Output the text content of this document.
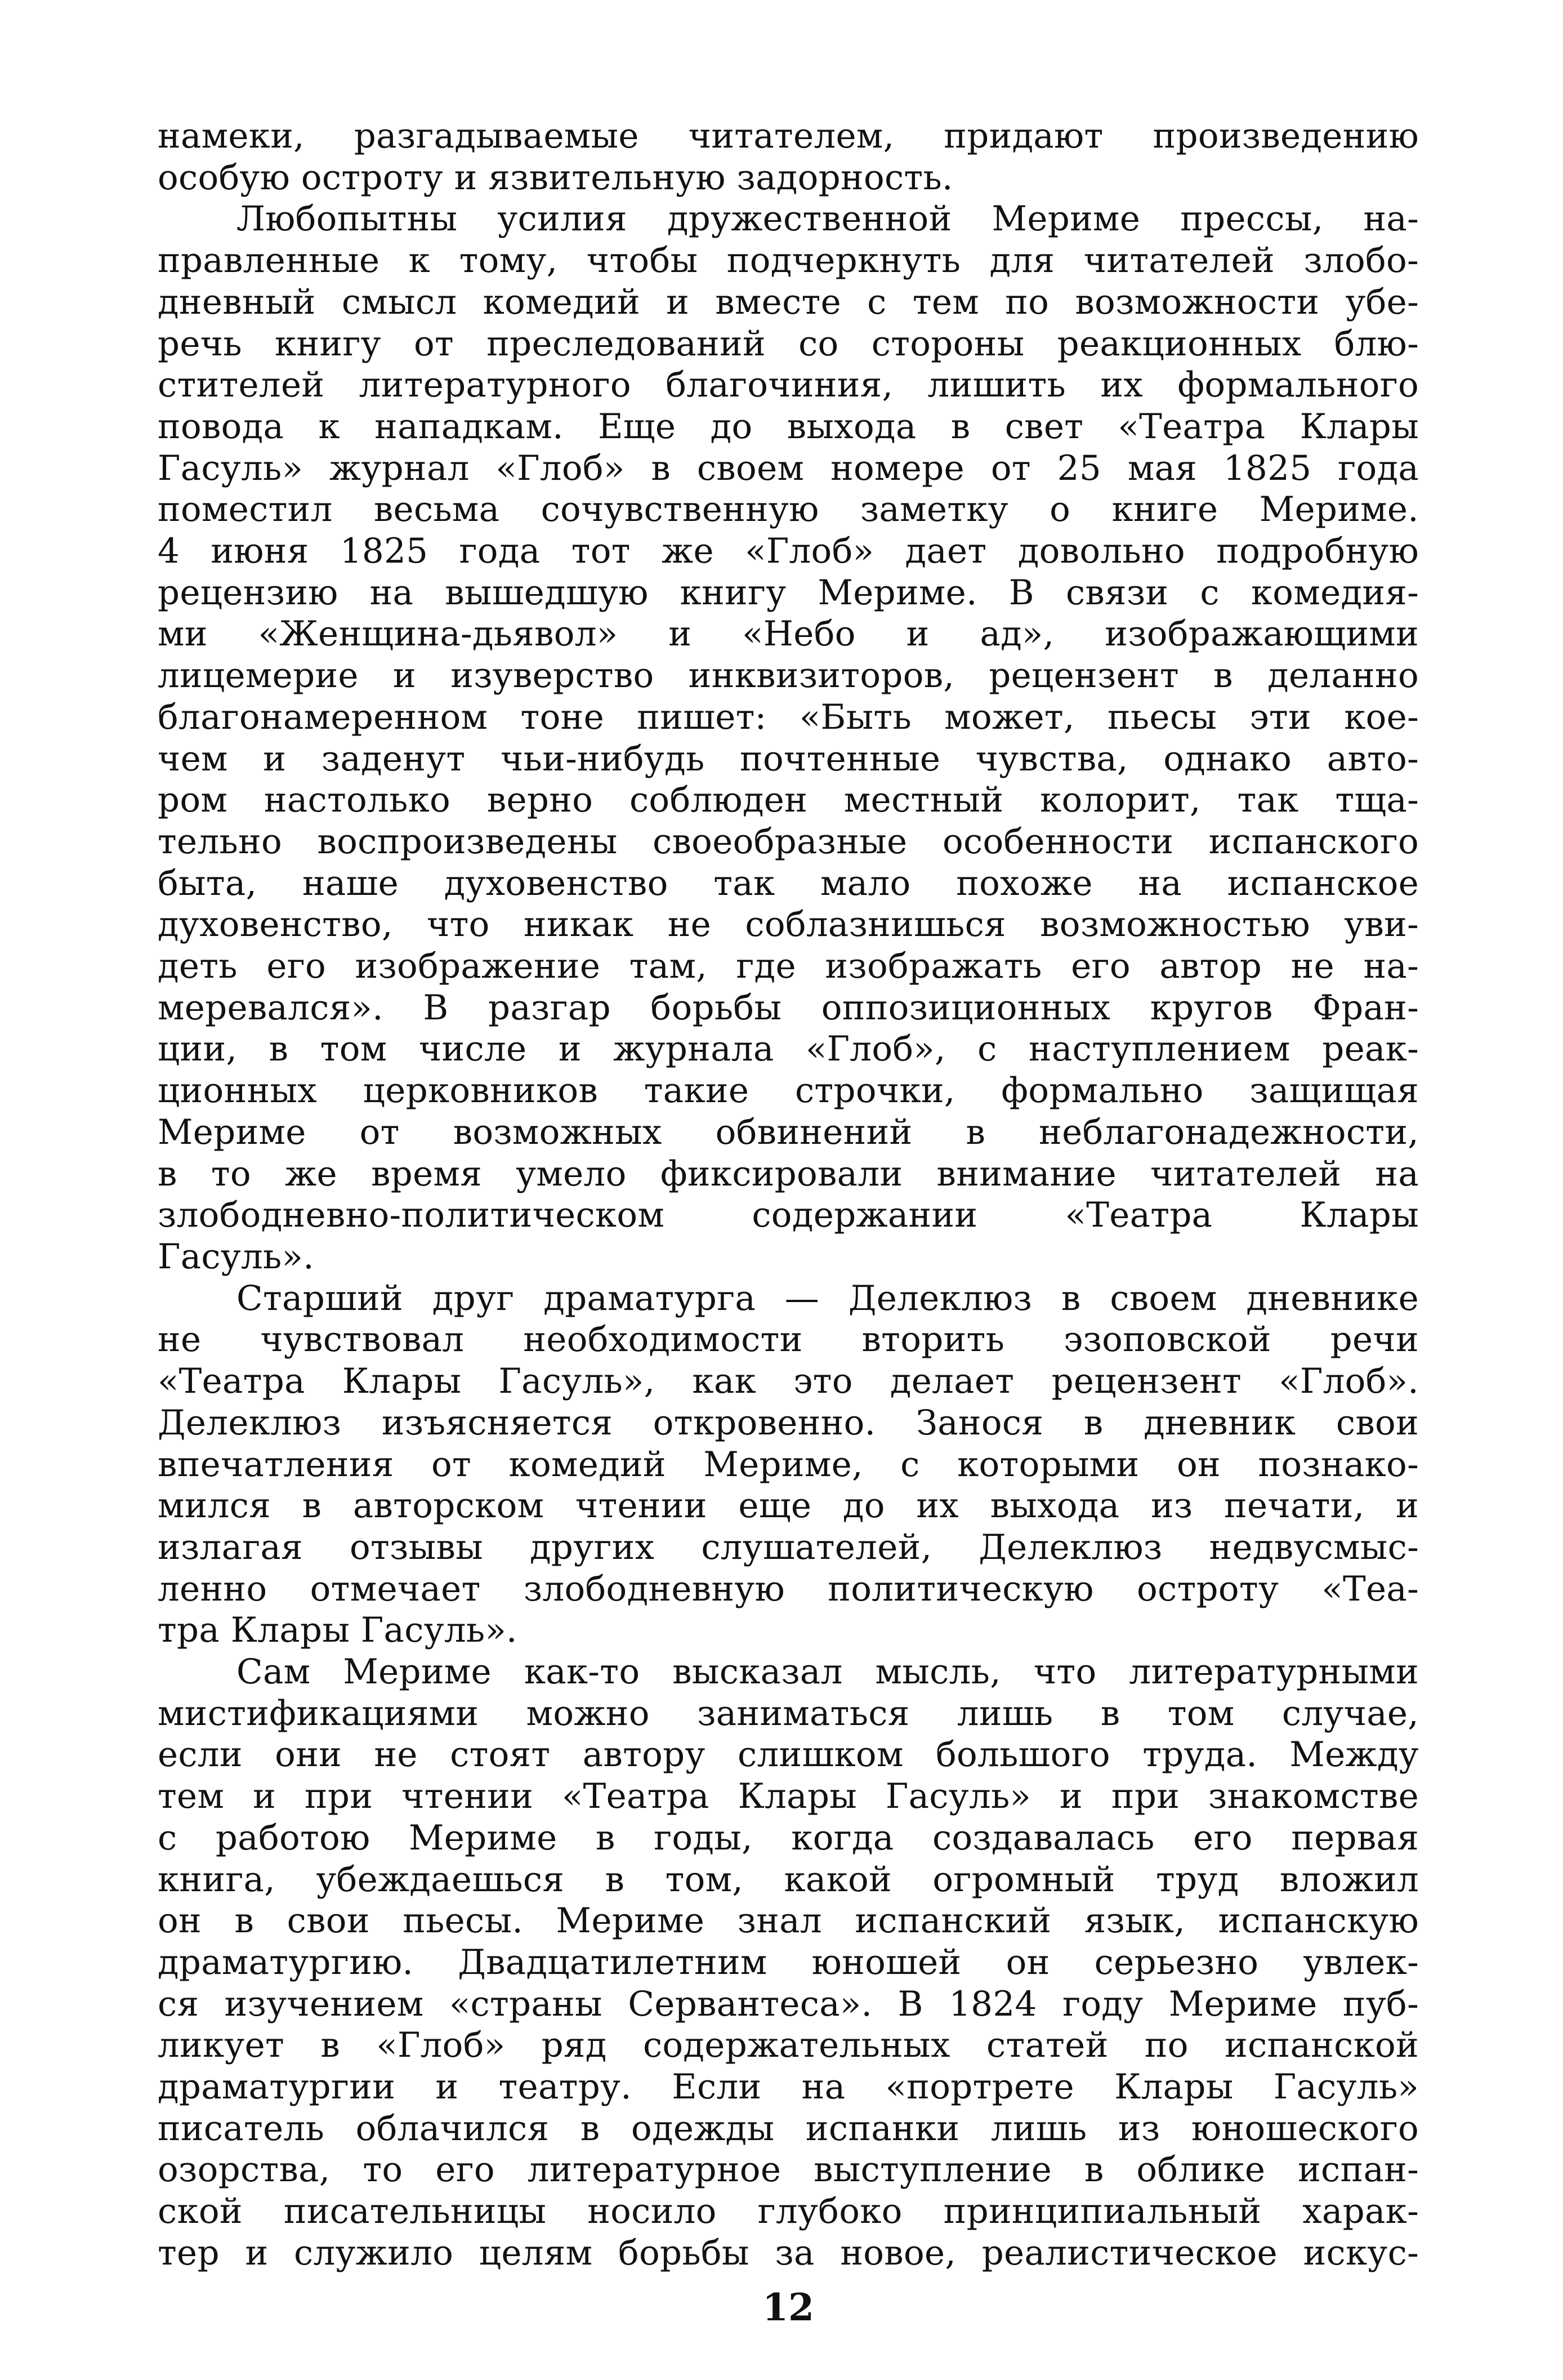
намеки, разгадываемые читателем, придают произведению
особую остроту и язвительную задорность.

Любопытны усилия дружественной Мериме прессы, на-
правленные к тому, чтобы подчеркнуть для читателей злобо-
дневный смысл комедий и вместе с тем по возможности убе-
речь книгу от преследований со стороны реакционных блю-
стителей литературного благочиния, лишить их формального
повода к нападкам. Еще до выхода в свет «Театра Клары
Гасуль» журнал «Глоб» в своем номере от 25 мая 1825 года
поместил весьма сочувственную заметку о книге Мериме.
4 июня 1825 года тот же «Глоб» дает довольно подробную
рецензию на вышедшую книгу Мериме. В связи с комедия-
ми «Женщина-дьявол» и «Небо и ад», изображающими
лицемерие и изуверство инквизиторов, рецензент в деланно
благонамеренном тоне пишет: «Быть может, пьесы эти кое-
чем и заденут чьи-нибудь почтенные чувства, однако авто-
ром настолько верно соблюден местный колорит, так тща-
тельно воспроизведены своеобразные особенности испанского
быта, наше духовенство так мало похоже на испанское
духовенство, что никак не соблазнишься возможностью уви-
деть его изображение там, где изображать его автор не на-
меревался». В разгар борьбы оппозиционных кругов Фран-
ции, в том числе и журнала «Глоб», с наступлением реак-
ционных церковников такие строчки, формально защищая
Мериме от возможных обвинений в неблагонадежности,
в то же время умело фиксировали внимание читателей на
злободневно-политическом содержании «Театра Клары
Гасуль».

Старший друг драматурга — Делеклюз в своем дневнике
не чувствовал необходимости вторить эзоповской речи
«Театра Клары Гасуль», как это делает рецензент «Глоб».
Делеклюз изъясняется откровенно. Занося в дневник свои
впечатления от комедий Мериме, с которыми он познако-
мился в авторском чтении еще до их выхода из печати, и
излагая отзывы других слушателей, Делеклюз недвусмыс-
ленно отмечает злободневную политическую остроту «Теа-
тра Клары Гасуль».

Сам Мериме как-то высказал мысль, что литературными
мистификациями можно заниматься лишь в том случае,
если они не стоят автору слишком большого труда. Между
тем и при чтении «Театра Клары Гасуль» и при знакомстве
с работою Мериме в годы, когда создавалась его первая
книга, убеждаешься в том, какой огромный труд вложил
он в свои пьесы. Мериме знал испанский язык, испанскую
драматургию. Двадцатилетним юношей он серьезно увлек-
ся изучением «страны Сервантеса». В 1824 году Мериме пуб-
ликует в «Глоб» ряд содержательных статей по испанской
драматургии и театру. Если на «портрете Клары Гасуль»
писатель облачился в одежды испанки лишь из юношеского
озорства, то его литературное выступление в облике испан-
ской писательницы носило глубоко принципиальный харак-
тер и служило целям борьбы за новое, реалистическое искус-

12
